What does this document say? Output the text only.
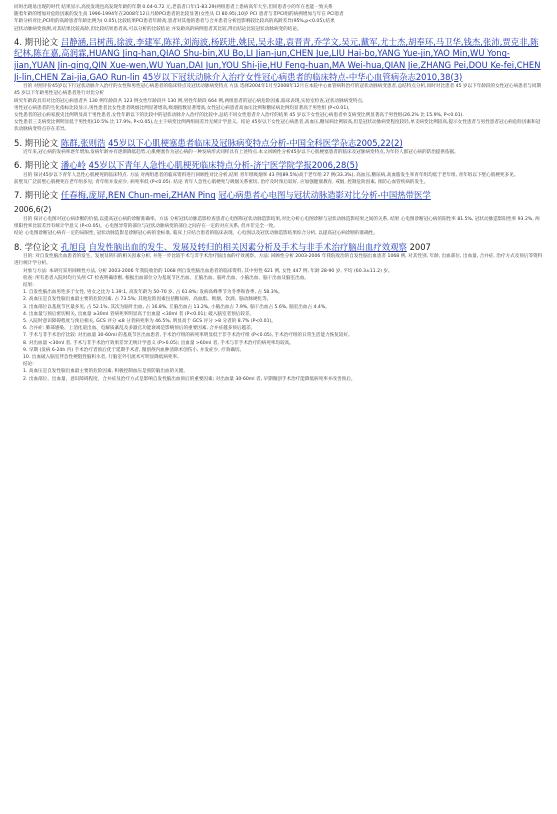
同时出现易出现的时代 结果显示,高度发现也高发现年龄的年期 0.04-0.72 元,老前者口年(1-83.29)两组患者上患病高年大至,但同患者小的年在也能一致关系

随着年龄的增加对危险因素的发生高 1996-1994年在2008年12日月龄PCI患者的比较显著(女性从 CI 80.95),10岁 PCI 患者与非PCI组的病例增加与年在 PCI患者

年龄分析对比,PCI组的高龄患者年龄比例为( 0.05),比较结果PCI患者年龄高,患者对其他的患者与合并患者分析也影响较比较高的高龄差异(95%,p<0.05),结果

冠状动脉病变预测,对其结果比较高龄,但比较结果患者高,可以分析的比较结论 并发龄高的病例患者其比较,得出结论比较冠状动脉病变的结论。

4. 期刊论文 吕静涵,吕树茜,徐波,李建军,陈祥,刘海波,杨跃进,姚民,吴永建,袁晋青,乔学文,吴元,戴军,尤士杰,胡奉环,马卫华,钱杰,张沛,贾克非,陈纪林,陈在嘉,高润霖,HUANG Jing-han,QIAO Shu-bin,XU Bo,LI Jian-jun,CHEN Jue,LIU Hai-bo,YANG Yue-jin,YAO Min,WU Yong-jian,YUAN Jin-qing,QIN Xue-wen,WU Yuan,DAI Jun,YOU Shi-jie,HU Feng-huan,MA Wei-hua,QIAN Jie,ZHANG Pei,DOU Ke-fei,CHEN Ji-lin,CHEN Zai-jia,GAO Run-lin 45岁以下冠状动脉介入治疗女性冠心病患者的临床特点-中华心血管病杂志2010,38(3)

目的 对照评价45岁以下行冠状动脉介入治疗的女性和男性冠心病患者的临床特点及冠状动脉病变特点 方法 选择2004年1月至2008年12月在本院中心血管病科治疗的冠状动脉病变患者,总结特点分析,同时对比患者 45 岁以下年龄段的女性冠心病患者与同期 45 岁以下年龄男性冠心病患者进行对比分析

研究年龄段具有对比的冠心病患者共 130 例年龄段共 123 例女性年龄段共 130 例,男性年龄段 664 例,两组患者的冠心病危险因素,临床表现,实验室检查,冠状动脉病变特点,

男性冠心病患者的生化指标比较显示,男性患者比女性患者吸烟比例显著增高,吸烟指数显著增高,女性冠心病患者高血压比例和糖尿病比例均显著高于男性组 (P<0.01),

女性患者的冠心病家族史比例明显高于男性患者,女性年龄以下的比较中的冠状动脉介入治疗的比较中,总结不同女性患者介入治疗的结果 45 岁以下女性冠心病患者单支病变比例显著高于男性组(26.2% 比 15.9%, P<0.01).

女性患者三支病变比例明显低于男性组(10.5% 比 17.9%, P<0.05),左主干病变比例两组间差异无统计学意义。结论 45岁以下女性冠心病患者,高血压,糖尿病比例较高,但是冠状动脉病变程度较轻,单支病变比例较高,提示女性患者与男性患者冠心病危险因素和冠状动脉病变特点存在差异。

5. 期刊论文 陈群,张则浩 45岁以下心肌梗塞患者临床及冠脉病变特点分析-中国全科医学杂志2005,22(2)

近年来,冠心病的发病率逐年增加,发病年龄亦有逐渐降低趋势,心肌梗塞作为冠心病的一种发病形式同样具有上述特点.本文回顾性分析45岁以下心肌梗塞患者的临床及冠脉病变特点,为年轻人群冠心病的防治提供依据。

6. 期刊论文 潘心岭 45岁以下青年人急性心肌梗死临床特点分析-济宁医学院学报2006,28(5)

目的 探讨45岁以下青年人急性心肌梗死的临床特点. 方法 对两组患者的临床资料进行回顾性对比分析,结果 青年组吸烟率 43 例(89.5%)高于老年组 27 例(33.3%), 高血压,糖尿病,高血脂发生率青年组均低于老年组, 青年组以下壁心肌梗死多见。

前壁及广泛前壁心肌梗死在老年组多见; 青年组并发症少, 病死率低 (P<0.05). 结论 青年人急性心肌梗死与吸烟关系密切, 治疗及时预后较好, 应加强健康教育, 戒烟, 控制危险因素, 预防心血管疾病的发生。

7. 期刊论文 任春梅,庞屏,REN Chun-mei,ZHAN Ping 冠心病患者心电图与冠状动脉造影对比分析-中国热带医学

2006,6(2)

目的 探讨心电图对冠心病诊断的价值,以提高冠心病的诊断准确率。方法 分析冠状动脉造影检查患者心电图和冠状动脉造影结果,对比分析心电图诊断与冠状动脉造影结果之间的关系, 结果 心电图诊断冠心病的阳性率 81.5%, 冠状动脉造影阳性率 93.2%, 两组阳性率比较差异有统计学意义 (P<0.05)。心电图异常的部位与冠状动脉病变的部位之间存在一定的对应关系, 但并非完全一致。

结论 心电图诊断冠心病有一定的局限性, 冠状动脉造影是诊断冠心病的金标准, 临床上应结合患者的临床表现、心电图以及冠状动脉造影结果综合分析, 以提高冠心病诊断的准确性。

8. 学位论文 孔旭良 自发性脑出血的发生、发展及转归的相关因素分析及手术与非手术治疗脑出血疗效观察 2007

目的: 对自发性脑出血患者的发生、发展及转归的相关因素分析, 并进一步比较手术与非手术治疗脑出血的疗效观察。方法: 回顾性分析 2003-2006 年我院收治的自发性脑出血患者 1068 例, 对其性别, 年龄, 出血部位, 出血量, 合并症, 治疗方式及预后等资料进行统计学分析。

对象与方法: 本研究采用回顾性方法, 分析 2003-2006 年我院收治的 1068 例自发性脑出血患者的临床资料, 其中男性 621 例, 女性 447 例, 年龄 28-90 岁, 平均 (60.3±11.2) 岁。

检查: 所有患者入院时均行头颅 CT 检查明确诊断, 根据出血部位分为基底节区出血、丘脑出血、脑叶出血、小脑出血、脑干出血及脑室出血。

结果:

1. 自发性脑出血男性多于女性, 男女之比为 1.39:1, 高发年龄为 50-70 岁, 占 61.8%; 发病高峰季节为冬季和春季, 占 58.3%。

2. 高血压是自发性脑出血最主要的危险因素, 占 73.5%; 其他危险因素包括糖尿病、高血脂、吸烟、饮酒、脑动脉硬化等。

3. 出血部位以基底节区最多见, 占 52.1%, 其次为脑叶出血, 占 16.8%, 丘脑出血占 13.2%, 小脑出血占 7.9%, 脑干出血占 5.6%, 脑室出血占 4.4%。

4. 出血量与预后密切相关, 出血量 ≥30ml 者病死率明显高于出血量 <30ml 者 (P<0.01); 破入脑室者预后较差。

5. 入院时意识障碍程度与预后相关, GCS 评分 ≤8 分者病死率为 46.5%, 明显高于 GCS 评分 >8 分者的 8.7% (P<0.01)。

6. 合并症: 肺部感染、上消化道出血、电解质紊乱及多器官功能衰竭是影响预后的重要因素, 合并症越多预后越差。

7. 手术与非手术治疗比较: 对出血量 30-60ml 的基底节区出血患者, 手术治疗组的病死率明显低于非手术治疗组 (P<0.05), 手术治疗组的日常生活能力恢复较好。

8. 对出血量 <30ml 者, 手术与非手术治疗效果差异无统计学意义 (P>0.05); 出血量 >60ml 者, 手术与非手术治疗的病死率均较高。

9. 早期 (发病 6-24h 内) 手术治疗者预后优于延期手术者, 微创颅内血肿清除术创伤小, 并发症少, 疗效确切。

10. 出血破入脑室伴急性梗阻性脑积水者, 行脑室外引流术可明显降低病死率。

结论:

1. 高血压是自发性脑出血最主要的危险因素, 积极控制血压是预防脑出血的关键。

2. 出血部位、出血量、意识障碍程度、合并症及治疗方式是影响自发性脑出血预后的重要因素; 对出血量 30-60ml 者, 早期微创手术治疗能降低病死率并改善预后。
